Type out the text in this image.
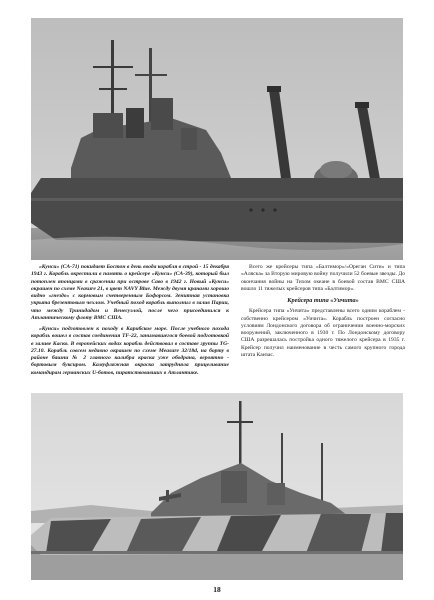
«Кунси» (CA-71) покидает Бостон в день ввода корабля в строй - 15 декабря 1943 г. Корабль окрестили в память о крейсере «Кунси» (CA-39), который был потоплен японцами в сражении при острове Саво в 1942 г. Новый «Кунси» окрашен по схеме Neasure 21, в цвет NAVY Blue. Между двумя кранами хорошо видно «гнездо» с кормовым счетверенным Бофорсом. Зенитная установка укрыта брезентовым чехлом. Учебный поход корабль выполнил в залив Парии, что между Тринидадом и Венесуэлой, после чего присоединился к Атлантическому флоту ВМС США.

«Кунси» подготовлен к походу в Карибское море. После учебного похода корабль вошел в состав соединения TF-22, занимавшегося боевой подготовкой в заливе Каско. В европейских водах корабль действовал в составе группы TG-27.10. Корабль совсем недавно окрашен по схеме Measure 32/18d, на борту в районе башни № 2 главного калибра краска уже ободрана, вероятно - бортовым буксиром. Камуфляжная окраска затрудняла прицеливание командирам германских U-ботов, пиратствовавших в Атлантике.

Всего же крейсеры типа «Балтимор»/«Ореган Сити» и типа «Аляска» за Вторую мировую войну получили 52 боевые звезды. До окончания войны на Тихом океане в боевой состав ВМС США вошло 11 тяжелых крейсеров типа «Балтимор».

Крейсера типа «Уичита»

Крейсера типа «Уичита» представлены всего одним кораблем - собственно крейсером «Уичита». Корабль построен согласно условиям Лондонского договора об ограничении военно-морских вооружений, заключенного в 1930 г. По Лондонскому договору США разрешалась постройка одного тяжелого крейсера в 1935 г. Крейсер получил наименование в честь самого крупного города штата Канзас.

18
